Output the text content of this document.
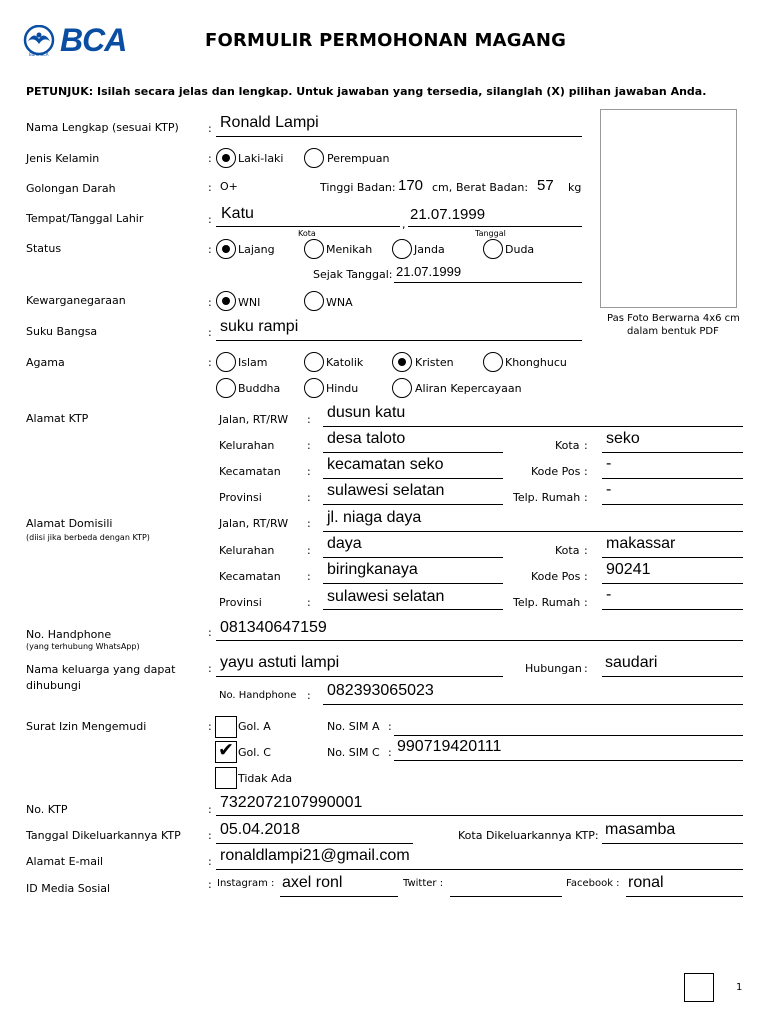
Bank BCA BCA	FORMULIR PERMOHONAN MAGANG
PETUNJUK: Isilah secara jelas dan lengkap. Untuk jawaban yang tersedia, silanglah (X) pilihan jawaban Anda.
Pas Foto Berwarna 4x6 cm
dalam bentuk PDF
Nama Lengkap (sesuai KTP)	: Ronald Lampi
Jenis Kelamin	: Laki-laki	Perempuan
Golongan Darah	: O+	Tinggi Badan: 170 cm, Berat Badan: 57 kg
Tempat/Tanggal Lahir	: Katu
,
21.07.1999
Kota	Tanggal
Status	: Lajang	Menikah	Janda	Duda
Sejak Tanggal: 21.07.1999
Kewarganegaraan	: WNI	WNA
Suku Bangsa	: suku rampi
Agama	: Islam	Katolik	Kristen	Khonghucu
Buddha	Hindu	Aliran Kepercayaan
Alamat KTP	Jalan, RT/RW : dusun katu
Kelurahan	: desa taloto	Kota : seko
Kecamatan : kecamatan seko	Kode Pos : -
Provinsi	: sulawesi selatan	Telp. Rumah : -
Alamat Domisili
(diisi jika berbeda dengan KTP)
Jalan, RT/RW : jl. niaga daya
Kelurahan	: daya	Kota : makassar
Kecamatan : biringkanaya	Kode Pos : 90241
Provinsi	: sulawesi selatan	Telp. Rumah : -
No. Handphone
(yang terhubung WhatsApp)
: 081340647159
Nama keluarga yang dapat
dihubungi
: yayu astuti lampi	Hubungan : saudari
No. Handphone : 082393065023
Surat Izin Mengemudi	: Gol. A	No. SIM A :
✔ Gol. C	No. SIM C : 990719420111
Tidak Ada
No. KTP	: 7322072107990001
Tanggal Dikeluarkannya KTP : 05.04.2018	Kota Dikeluarkannya KTP: masamba
Alamat E-mail	: ronaldlampi21@gmail.com
ID Media Sosial	: Instagram : axel ronl	Twitter :	Facebook : ronal
1
